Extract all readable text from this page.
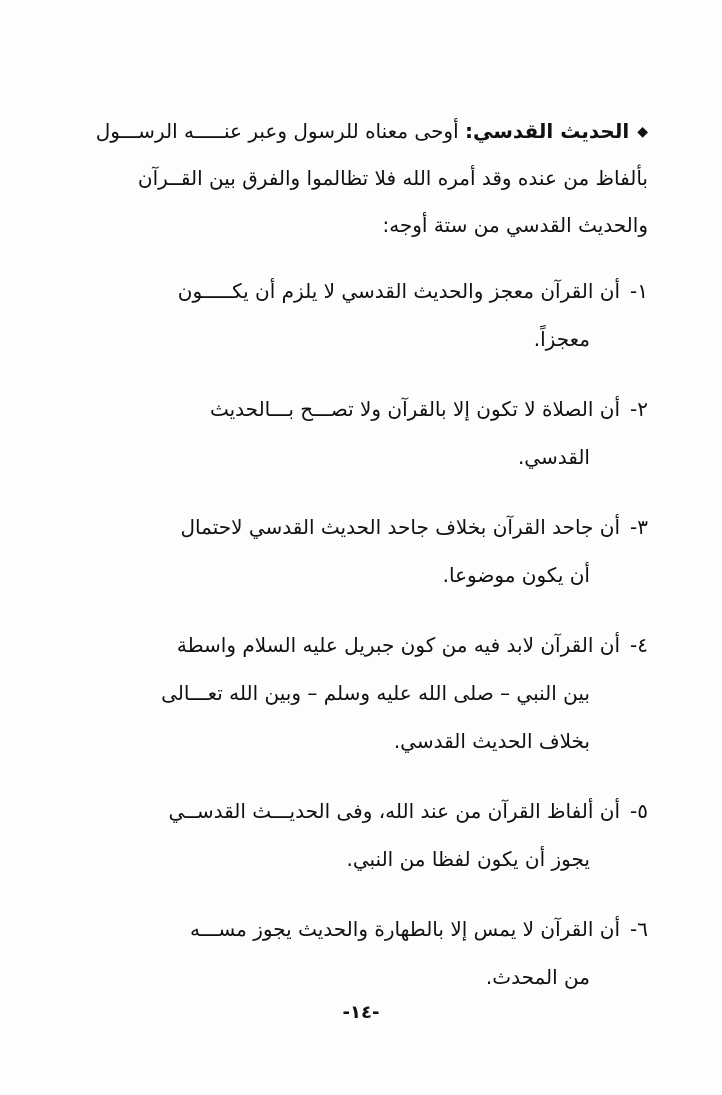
◆الحديث القدسي: أوحى معناه للرسول وعبر عنـــــه الرســـول
بألفاظ من عنده وقد أمره الله فلا تظالموا والفرق بين القــرآن
والحديث القدسي من ستة أوجه:
١-أن القرآن معجز والحديث القدسي لا يلزم أن يكـــــون
معجزاً.
٢-أن الصلاة لا تكون إلا بالقرآن ولا تصـــح بـــالحديث
القدسي.
٣-أن جاحد القرآن بخلاف جاحد الحديث القدسي لاحتمال
أن يكون موضوعا.
٤-أن القرآن لابد فيه من كون جبريل عليه السلام واسطة
بين النبي – صلى الله عليه وسلم – وبين الله تعـــالى
بخلاف الحديث القدسي.
٥-أن ألفاظ القرآن من عند الله، وفى الحديـــث القدســي
يجوز أن يكون لفظا من النبي.
٦-أن القرآن لا يمس إلا بالطهارة والحديث يجوز مســـه
من المحدث.
-١٤-
